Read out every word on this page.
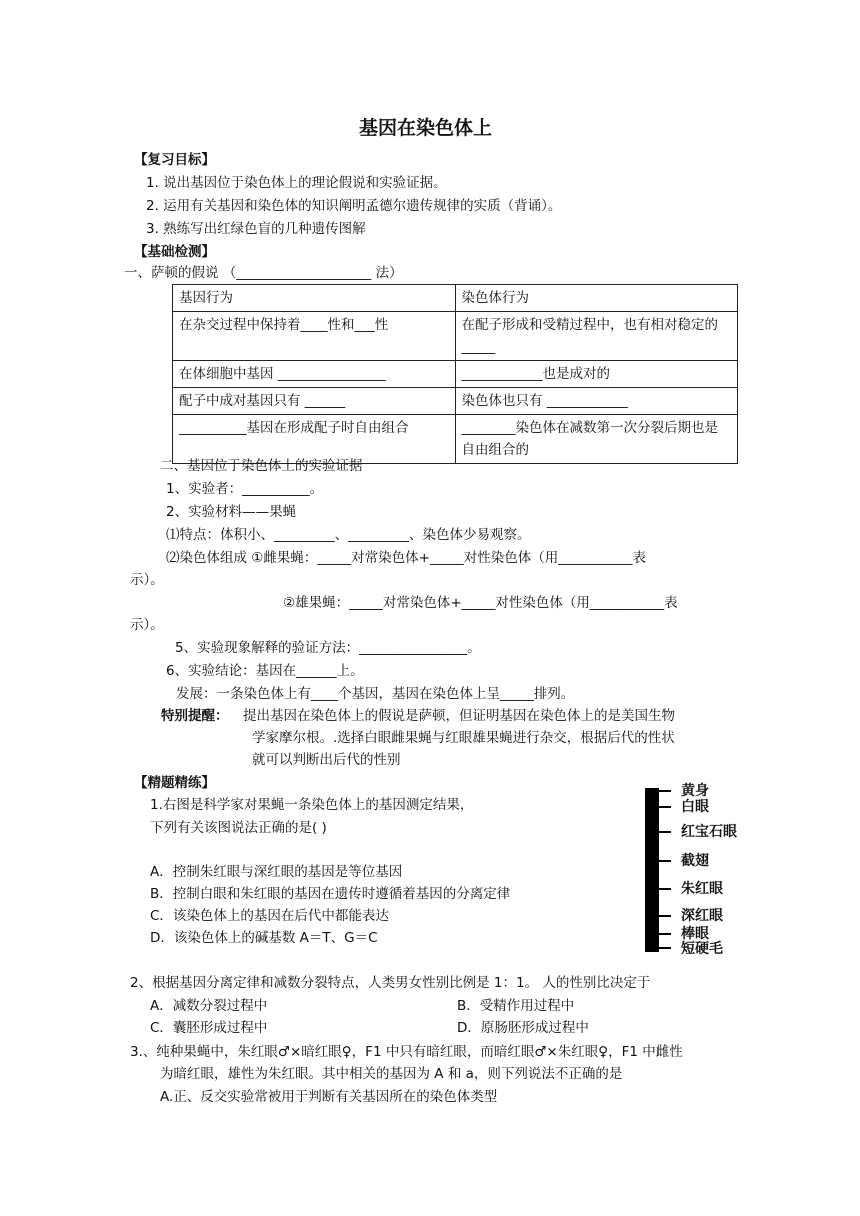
基因在染色体上
【复习目标】
1. 说出基因位于染色体上的理论假说和实验证据。
2. 运用有关基因和染色体的知识阐明孟德尔遗传规律的实质（背诵）。
3. 熟练写出红绿色盲的几种遗传图解
【基础检测】
一、萨顿的假说 （____________________ 法）
基因行为	染色体行为
在杂交过程中保持着____性和___性	在配子形成和受精过程中，也有相对稳定的_____
在体细胞中基因 ________________	____________也是成对的
配子中成对基因只有 ______	染色体也只有 ____________
__________基因在形成配子时自由组合	________染色体在减数第一次分裂后期也是自由组合的
二、基因位于染色体上的实验证据
1、实验者：__________。
2、实验材料——果蝇
⑴特点：体积小、_________、_________、染色体少易观察。
⑵染色体组成 ①雌果蝇：_____对常染色体+_____对性染色体（用___________表
示）。
②雄果蝇：_____对常染色体+_____对性染色体（用___________表
示）。
5、实验现象解释的验证方法：________________。
6、实验结论：基因在______上。
发展：一条染色体上有____个基因，基因在染色体上呈_____排列。
特别提醒： 提出基因在染色体上的假说是萨顿，但证明基因在染色体上的是美国生物
学家摩尔根。.选择白眼雌果蝇与红眼雄果蝇进行杂交，根据后代的性状
就可以判断出后代的性别
【精题精练】
1.右图是科学家对果蝇一条染色体上的基因测定结果，
下列有关该图说法正确的是( )
A．控制朱红眼与深红眼的基因是等位基因
B．控制白眼和朱红眼的基因在遗传时遵循着基因的分离定律
C．该染色体上的基因在后代中都能表达
D．该染色体上的碱基数 A＝T、G＝C
黄身
白眼
红宝石眼
截翅
朱红眼
深红眼
棒眼
短硬毛
2、根据基因分离定律和减数分裂特点，人类男女性别比例是 1：1。 人的性别比决定于
A．减数分裂过程中	B．受精作用过程中
C．囊胚形成过程中	D．原肠胚形成过程中
3.、纯种果蝇中，朱红眼♂×暗红眼♀，F1 中只有暗红眼，而暗红眼♂×朱红眼♀，F1 中雌性
为暗红眼，雄性为朱红眼。其中相关的基因为 A 和 a，则下列说法不正确的是
A.正、反交实验常被用于判断有关基因所在的染色体类型
